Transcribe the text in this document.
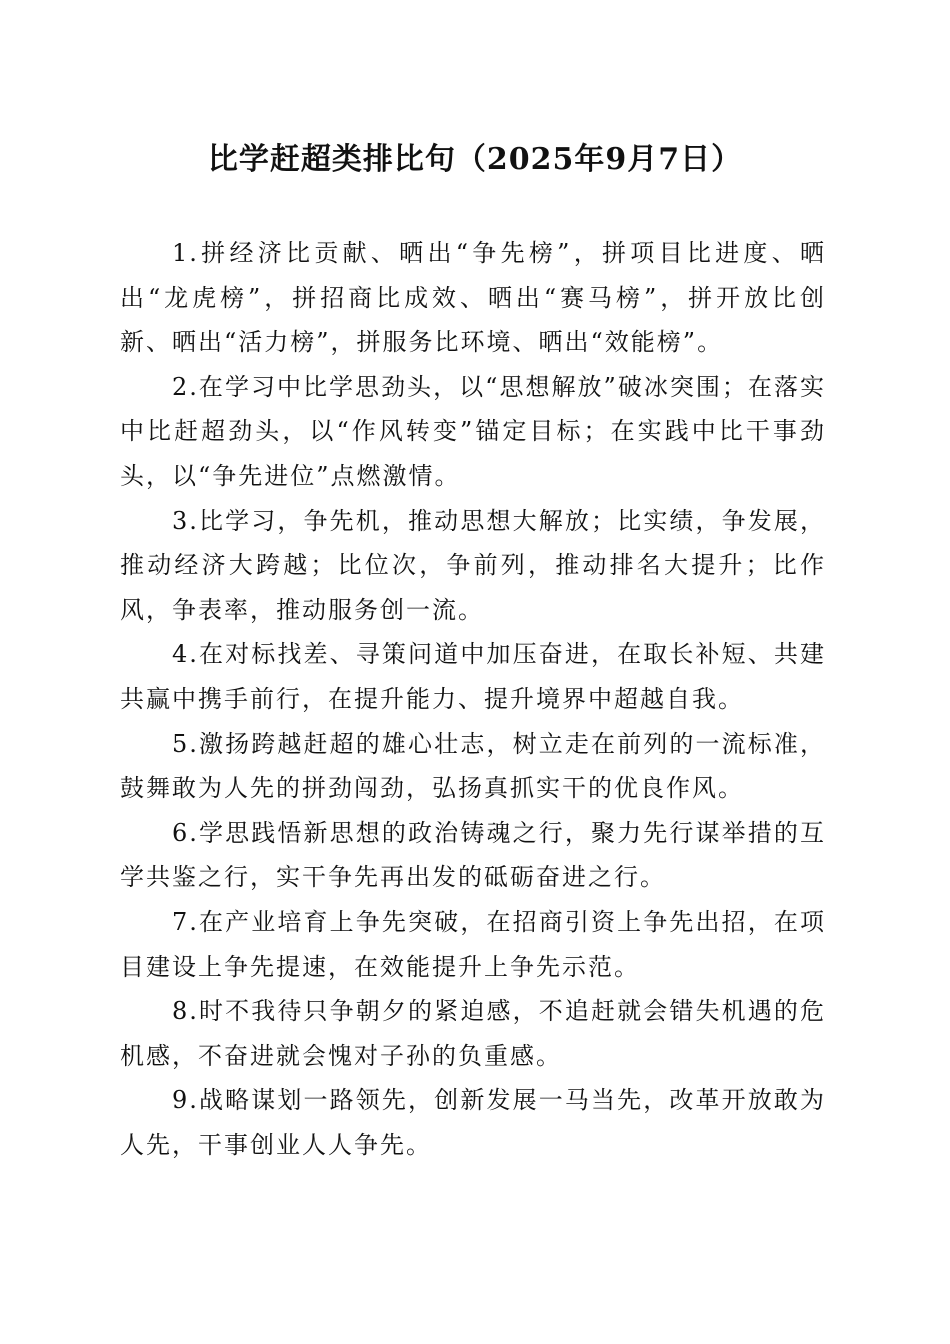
比学赶超类排比句（2025年9月7日）

1.拼经济比贡献、晒出“争先榜”，拼项目比进度、晒出“龙虎榜”，拼招商比成效、晒出“赛马榜”，拼开放比创新、晒出“活力榜”，拼服务比环境、晒出“效能榜”。

2.在学习中比学思劲头，以“思想解放”破冰突围；在落实中比赶超劲头，以“作风转变”锚定目标；在实践中比干事劲头，以“争先进位”点燃激情。

3.比学习，争先机，推动思想大解放；比实绩，争发展，推动经济大跨越；比位次，争前列，推动排名大提升；比作风，争表率，推动服务创一流。

4.在对标找差、寻策问道中加压奋进，在取长补短、共建共赢中携手前行，在提升能力、提升境界中超越自我。

5.激扬跨越赶超的雄心壮志，树立走在前列的一流标准，鼓舞敢为人先的拼劲闯劲，弘扬真抓实干的优良作风。

6.学思践悟新思想的政治铸魂之行，聚力先行谋举措的互学共鉴之行，实干争先再出发的砥砺奋进之行。

7.在产业培育上争先突破，在招商引资上争先出招，在项目建设上争先提速，在效能提升上争先示范。

8.时不我待只争朝夕的紧迫感，不追赶就会错失机遇的危机感，不奋进就会愧对子孙的负重感。

9.战略谋划一路领先，创新发展一马当先，改革开放敢为人先，干事创业人人争先。
